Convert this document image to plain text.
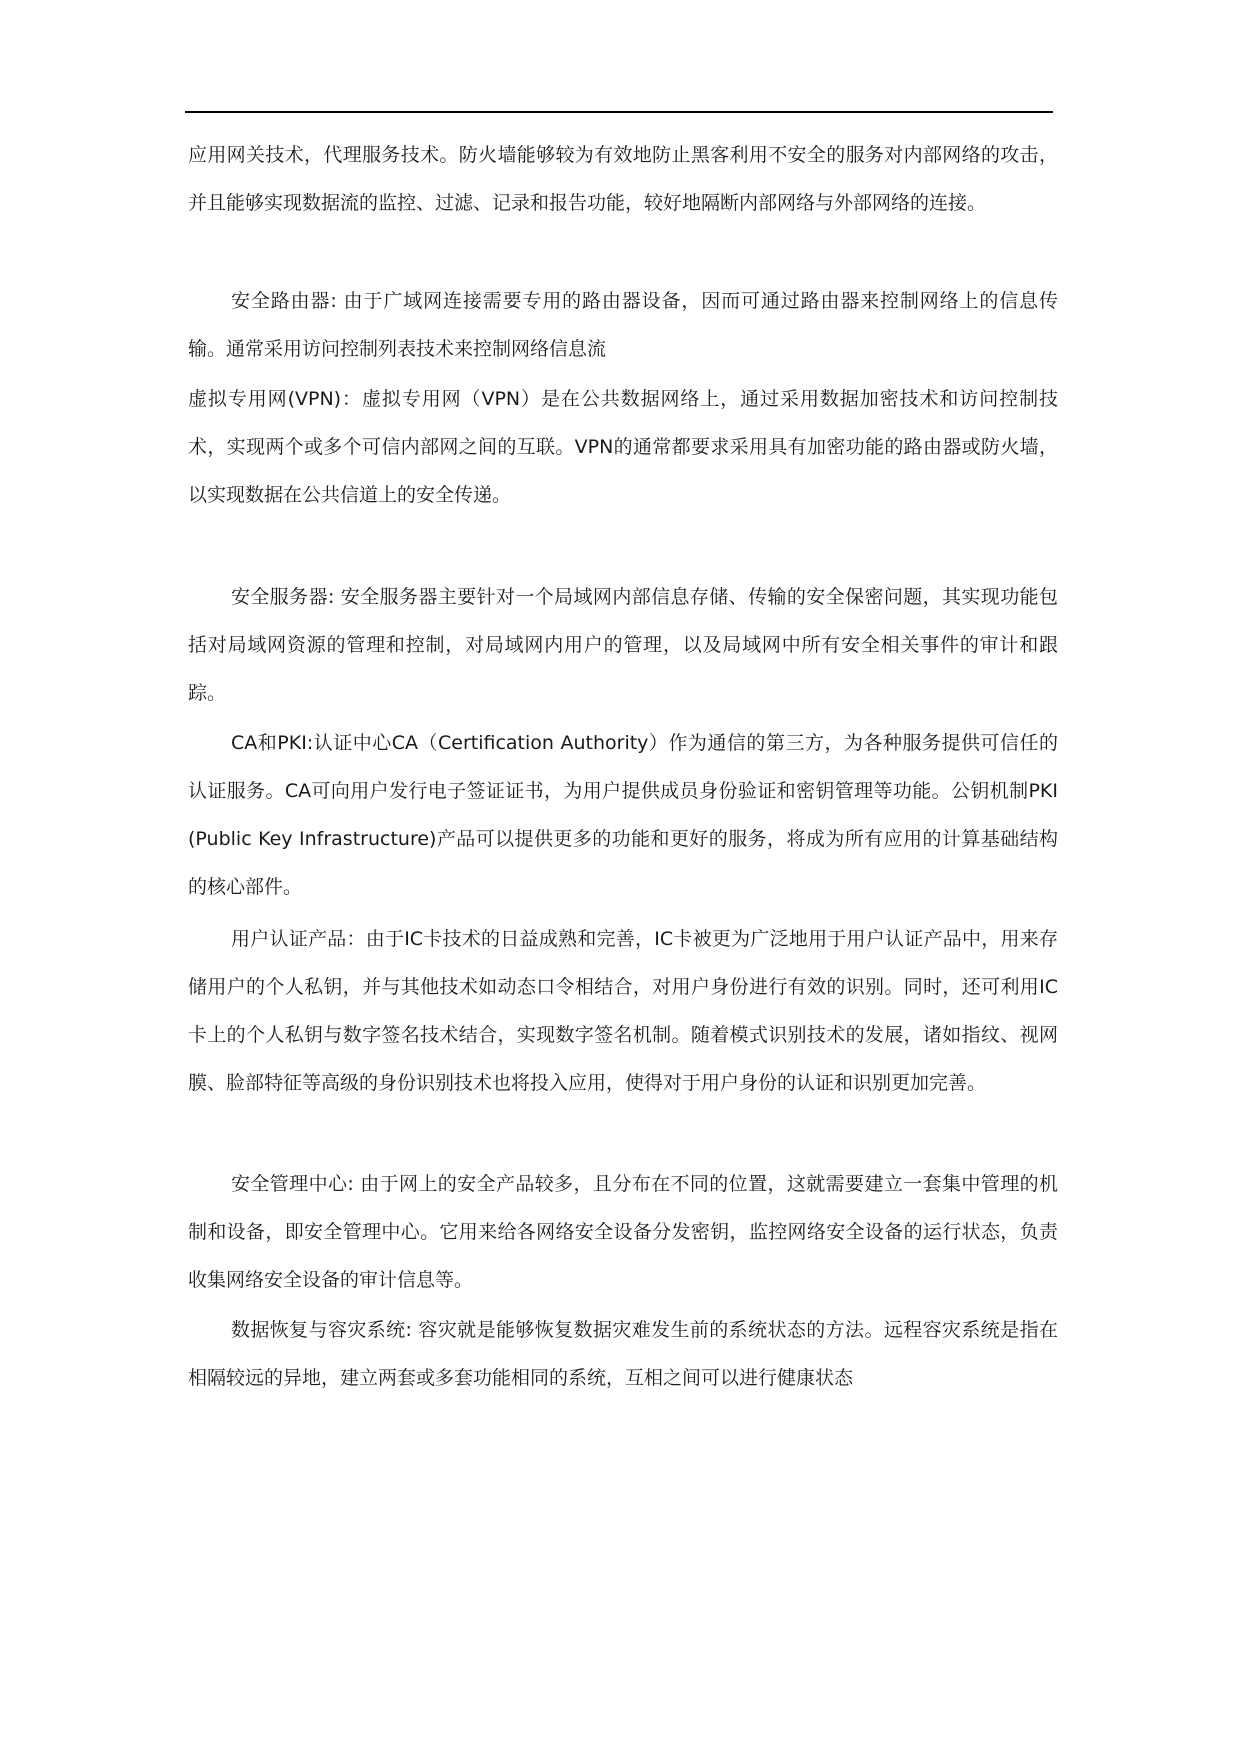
应用网关技术，代理服务技术。防火墙能够较为有效地防止黑客利用不安全的服务对内部网络的攻击，并且能够实现数据流的监控、过滤、记录和报告功能，较好地隔断内部网络与外部网络的连接。

安全路由器: 由于广域网连接需要专用的路由器设备，因而可通过路由器来控制网络上的信息传输。通常采用访问控制列表技术来控制网络信息流

虚拟专用网(VPN)：虚拟专用网（VPN）是在公共数据网络上，通过采用数据加密技术和访问控制技术，实现两个或多个可信内部网之间的互联。VPN的通常都要求采用具有加密功能的路由器或防火墙，以实现数据在公共信道上的安全传递。

安全服务器: 安全服务器主要针对一个局域网内部信息存储、传输的安全保密问题，其实现功能包括对局域网资源的管理和控制，对局域网内用户的管理，以及局域网中所有安全相关事件的审计和跟踪。

CA和PKI:认证中心CA（Certification Authority）作为通信的第三方，为各种服务提供可信任的认证服务。CA可向用户发行电子签证证书，为用户提供成员身份验证和密钥管理等功能。公钥机制PKI (Public Key Infrastructure)产品可以提供更多的功能和更好的服务，将成为所有应用的计算基础结构的核心部件。

用户认证产品：由于IC卡技术的日益成熟和完善，IC卡被更为广泛地用于用户认证产品中，用来存储用户的个人私钥，并与其他技术如动态口令相结合，对用户身份进行有效的识别。同时，还可利用IC卡上的个人私钥与数字签名技术结合，实现数字签名机制。随着模式识别技术的发展，诸如指纹、视网膜、脸部特征等高级的身份识别技术也将投入应用，使得对于用户身份的认证和识别更加完善。

安全管理中心: 由于网上的安全产品较多，且分布在不同的位置，这就需要建立一套集中管理的机制和设备，即安全管理中心。它用来给各网络安全设备分发密钥，监控网络安全设备的运行状态，负责收集网络安全设备的审计信息等。

数据恢复与容灾系统: 容灾就是能够恢复数据灾难发生前的系统状态的方法。远程容灾系统是指在相隔较远的异地，建立两套或多套功能相同的系统，互相之间可以进行健康状态
